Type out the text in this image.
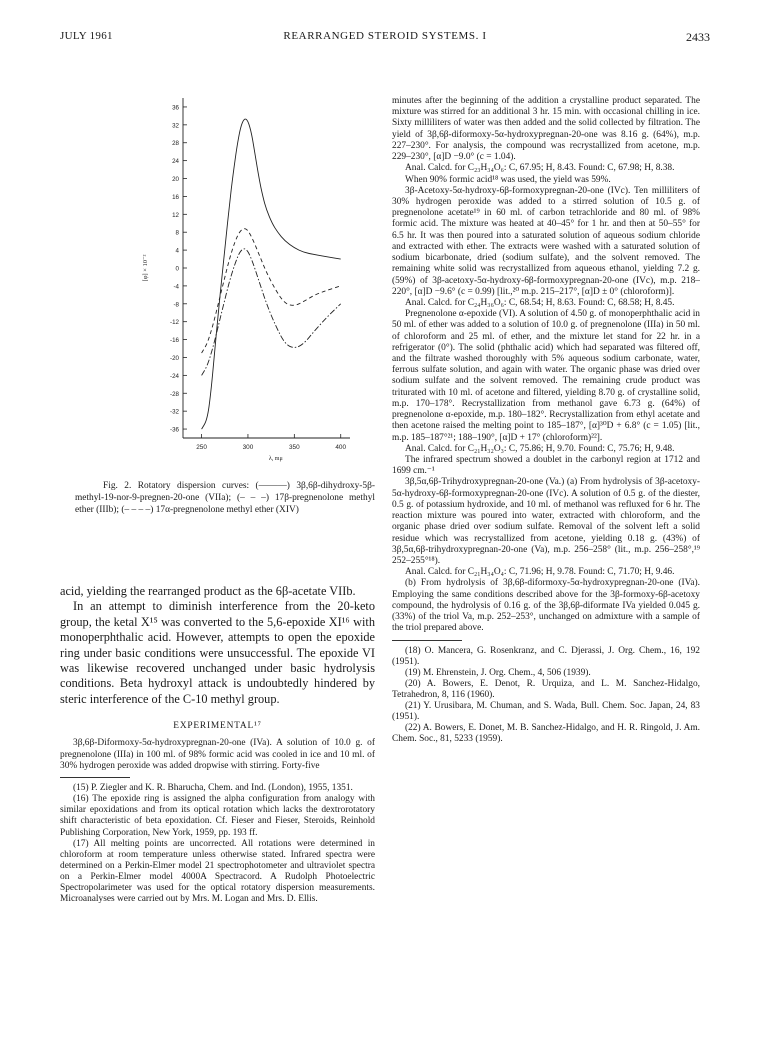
JULY 1961	REARRANGED STEROID SYSTEMS. I	2433
36
32
28
24
20
16
12
8
4
0
-4
-8
-12
-16
-20
-24
-28
-32
-36
250	300	350	400
λ, mμ
[φ] × 10⁻²
Fig. 2. Rotatory dispersion curves: (———) 3β,6β-dihydroxy-5β-methyl-19-nor-9-pregnen-20-one (VIIa); (– – –) 17β-pregnenolone methyl ether (IIIb); (– – – –) 17α-pregnenolone methyl ether (XIV)

acid, yielding the rearranged product as the 6β-acetate VIIb.

In an attempt to diminish interference from the 20-keto group, the ketal X¹⁵ was converted to the 5,6-epoxide XI¹⁶ with monoperphthalic acid. However, attempts to open the epoxide ring under basic conditions were unsuccessful. The epoxide VI was likewise recovered unchanged under basic hydrolysis conditions. Beta hydroxyl attack is undoubtedly hindered by steric interference of the C-10 methyl group.

EXPERIMENTAL¹⁷

3β,6β-Diformoxy-5α-hydroxypregnan-20-one (IVa). A solution of 10.0 g. of pregnenolone (IIIa) in 100 ml. of 98% formic acid was cooled in ice and 10 ml. of 30% hydrogen peroxide was added dropwise with stirring. Forty-five

(15) P. Ziegler and K. R. Bharucha, Chem. and Ind. (London), 1955, 1351.

(16) The epoxide ring is assigned the alpha configuration from analogy with similar epoxidations and from its optical rotation which lacks the dextrorotatory shift characteristic of beta epoxidation. Cf. Fieser and Fieser, Steroids, Reinhold Publishing Corporation, New York, 1959, pp. 193 ff.

(17) All melting points are uncorrected. All rotations were determined in chloroform at room temperature unless otherwise stated. Infrared spectra were determined on a Perkin-Elmer model 21 spectrophotometer and ultraviolet spectra on a Perkin-Elmer model 4000A Spectracord. A Rudolph Photoelectric Spectropolarimeter was used for the optical rotatory dispersion measurements. Microanalyses were carried out by Mrs. M. Logan and Mrs. D. Ellis.

minutes after the beginning of the addition a crystalline product separated. The mixture was stirred for an additional 3 hr. 15 min. with occasional chilling in ice. Sixty milliliters of water was then added and the solid collected by filtration. The yield of 3β,6β-diformoxy-5α-hydroxypregnan-20-one was 8.16 g. (64%), m.p. 227–230°. For analysis, the compound was recrystallized from acetone, m.p. 229–230°, [α]D −9.0° (c = 1.04).

Anal. Calcd. for C₂₃H₃₄O₆: C, 67.95; H, 8.43. Found: C, 67.98; H, 8.38.

When 90% formic acid¹⁸ was used, the yield was 59%.

3β-Acetoxy-5α-hydroxy-6β-formoxypregnan-20-one (IVc). Ten milliliters of 30% hydrogen peroxide was added to a stirred solution of 10.5 g. of pregnenolone acetate¹⁹ in 60 ml. of carbon tetrachloride and 80 ml. of 98% formic acid. The mixture was heated at 40–45° for 1 hr. and then at 50–55° for 6.5 hr. It was then poured into a saturated solution of aqueous sodium chloride and extracted with ether. The extracts were washed with a saturated solution of sodium bicarbonate, dried (sodium sulfate), and the solvent removed. The remaining white solid was recrystallized from aqueous ethanol, yielding 7.2 g. (59%) of 3β-acetoxy-5α-hydroxy-6β-formoxypregnan-20-one (IVc), m.p. 218–220°, [α]D −9.6° (c = 0.99) [lit.,²⁰ m.p. 215–217°, [α]D ± 0° (chloroform)].

Anal. Calcd. for C₂₄H₃₆O₆: C, 68.54; H, 8.63. Found: C, 68.58; H, 8.45.

Pregnenolone α-epoxide (VI). A solution of 4.50 g. of monoperphthalic acid in 50 ml. of ether was added to a solution of 10.0 g. of pregnenolone (IIIa) in 50 ml. of chloroform and 25 ml. of ether, and the mixture let stand for 22 hr. in a refrigerator (0°). The solid (phthalic acid) which had separated was filtered off, and the filtrate washed thoroughly with 5% aqueous sodium carbonate, water, ferrous sulfate solution, and again with water. The organic phase was dried over sodium sulfate and the solvent removed. The remaining crude product was triturated with 10 ml. of acetone and filtered, yielding 8.70 g. of crystalline solid, m.p. 170–178°. Recrystallization from methanol gave 6.73 g. (64%) of pregnenolone α-epoxide, m.p. 180–182°. Recrystallization from ethyl acetate and then acetone raised the melting point to 185–187°, [α]³⁰D + 6.8° (c = 1.05) [lit., m.p. 185–187°²¹; 188–190°, [α]D + 17° (chloroform)²²].

Anal. Calcd. for C₂₁H₃₂O₃: C, 75.86; H, 9.70. Found: C, 75.76; H, 9.48.

The infrared spectrum showed a doublet in the carbonyl region at 1712 and 1699 cm.⁻¹

3β,5α,6β-Trihydroxypregnan-20-one (Va.) (a) From hydrolysis of 3β-acetoxy-5α-hydroxy-6β-formoxypregnan-20-one (IVc). A solution of 0.5 g. of the diester, 0.5 g. of potassium hydroxide, and 10 ml. of methanol was refluxed for 6 hr. The reaction mixture was poured into water, extracted with chloroform, and the organic phase dried over sodium sulfate. Removal of the solvent left a solid residue which was recrystallized from acetone, yielding 0.18 g. (43%) of 3β,5α,6β-trihydroxypregnan-20-one (Va), m.p. 256–258° (lit., m.p. 256–258°,¹⁹ 252–255°¹⁸).

Anal. Calcd. for C₂₁H₃₄O₄: C, 71.96; H, 9.78. Found: C, 71.70; H, 9.46.

(b) From hydrolysis of 3β,6β-diformoxy-5α-hydroxypregnan-20-one (IVa). Employing the same conditions described above for the 3β-formoxy-6β-acetoxy compound, the hydrolysis of 0.16 g. of the 3β,6β-diformate IVa yielded 0.045 g. (33%) of the triol Va, m.p. 252–253°, unchanged on admixture with a sample of the triol prepared above.

(18) O. Mancera, G. Rosenkranz, and C. Djerassi, J. Org. Chem., 16, 192 (1951).

(19) M. Ehrenstein, J. Org. Chem., 4, 506 (1939).

(20) A. Bowers, E. Denot, R. Urquiza, and L. M. Sanchez-Hidalgo, Tetrahedron, 8, 116 (1960).

(21) Y. Urusibara, M. Chuman, and S. Wada, Bull. Chem. Soc. Japan, 24, 83 (1951).

(22) A. Bowers, E. Donet, M. B. Sanchez-Hidalgo, and H. R. Ringold, J. Am. Chem. Soc., 81, 5233 (1959).
